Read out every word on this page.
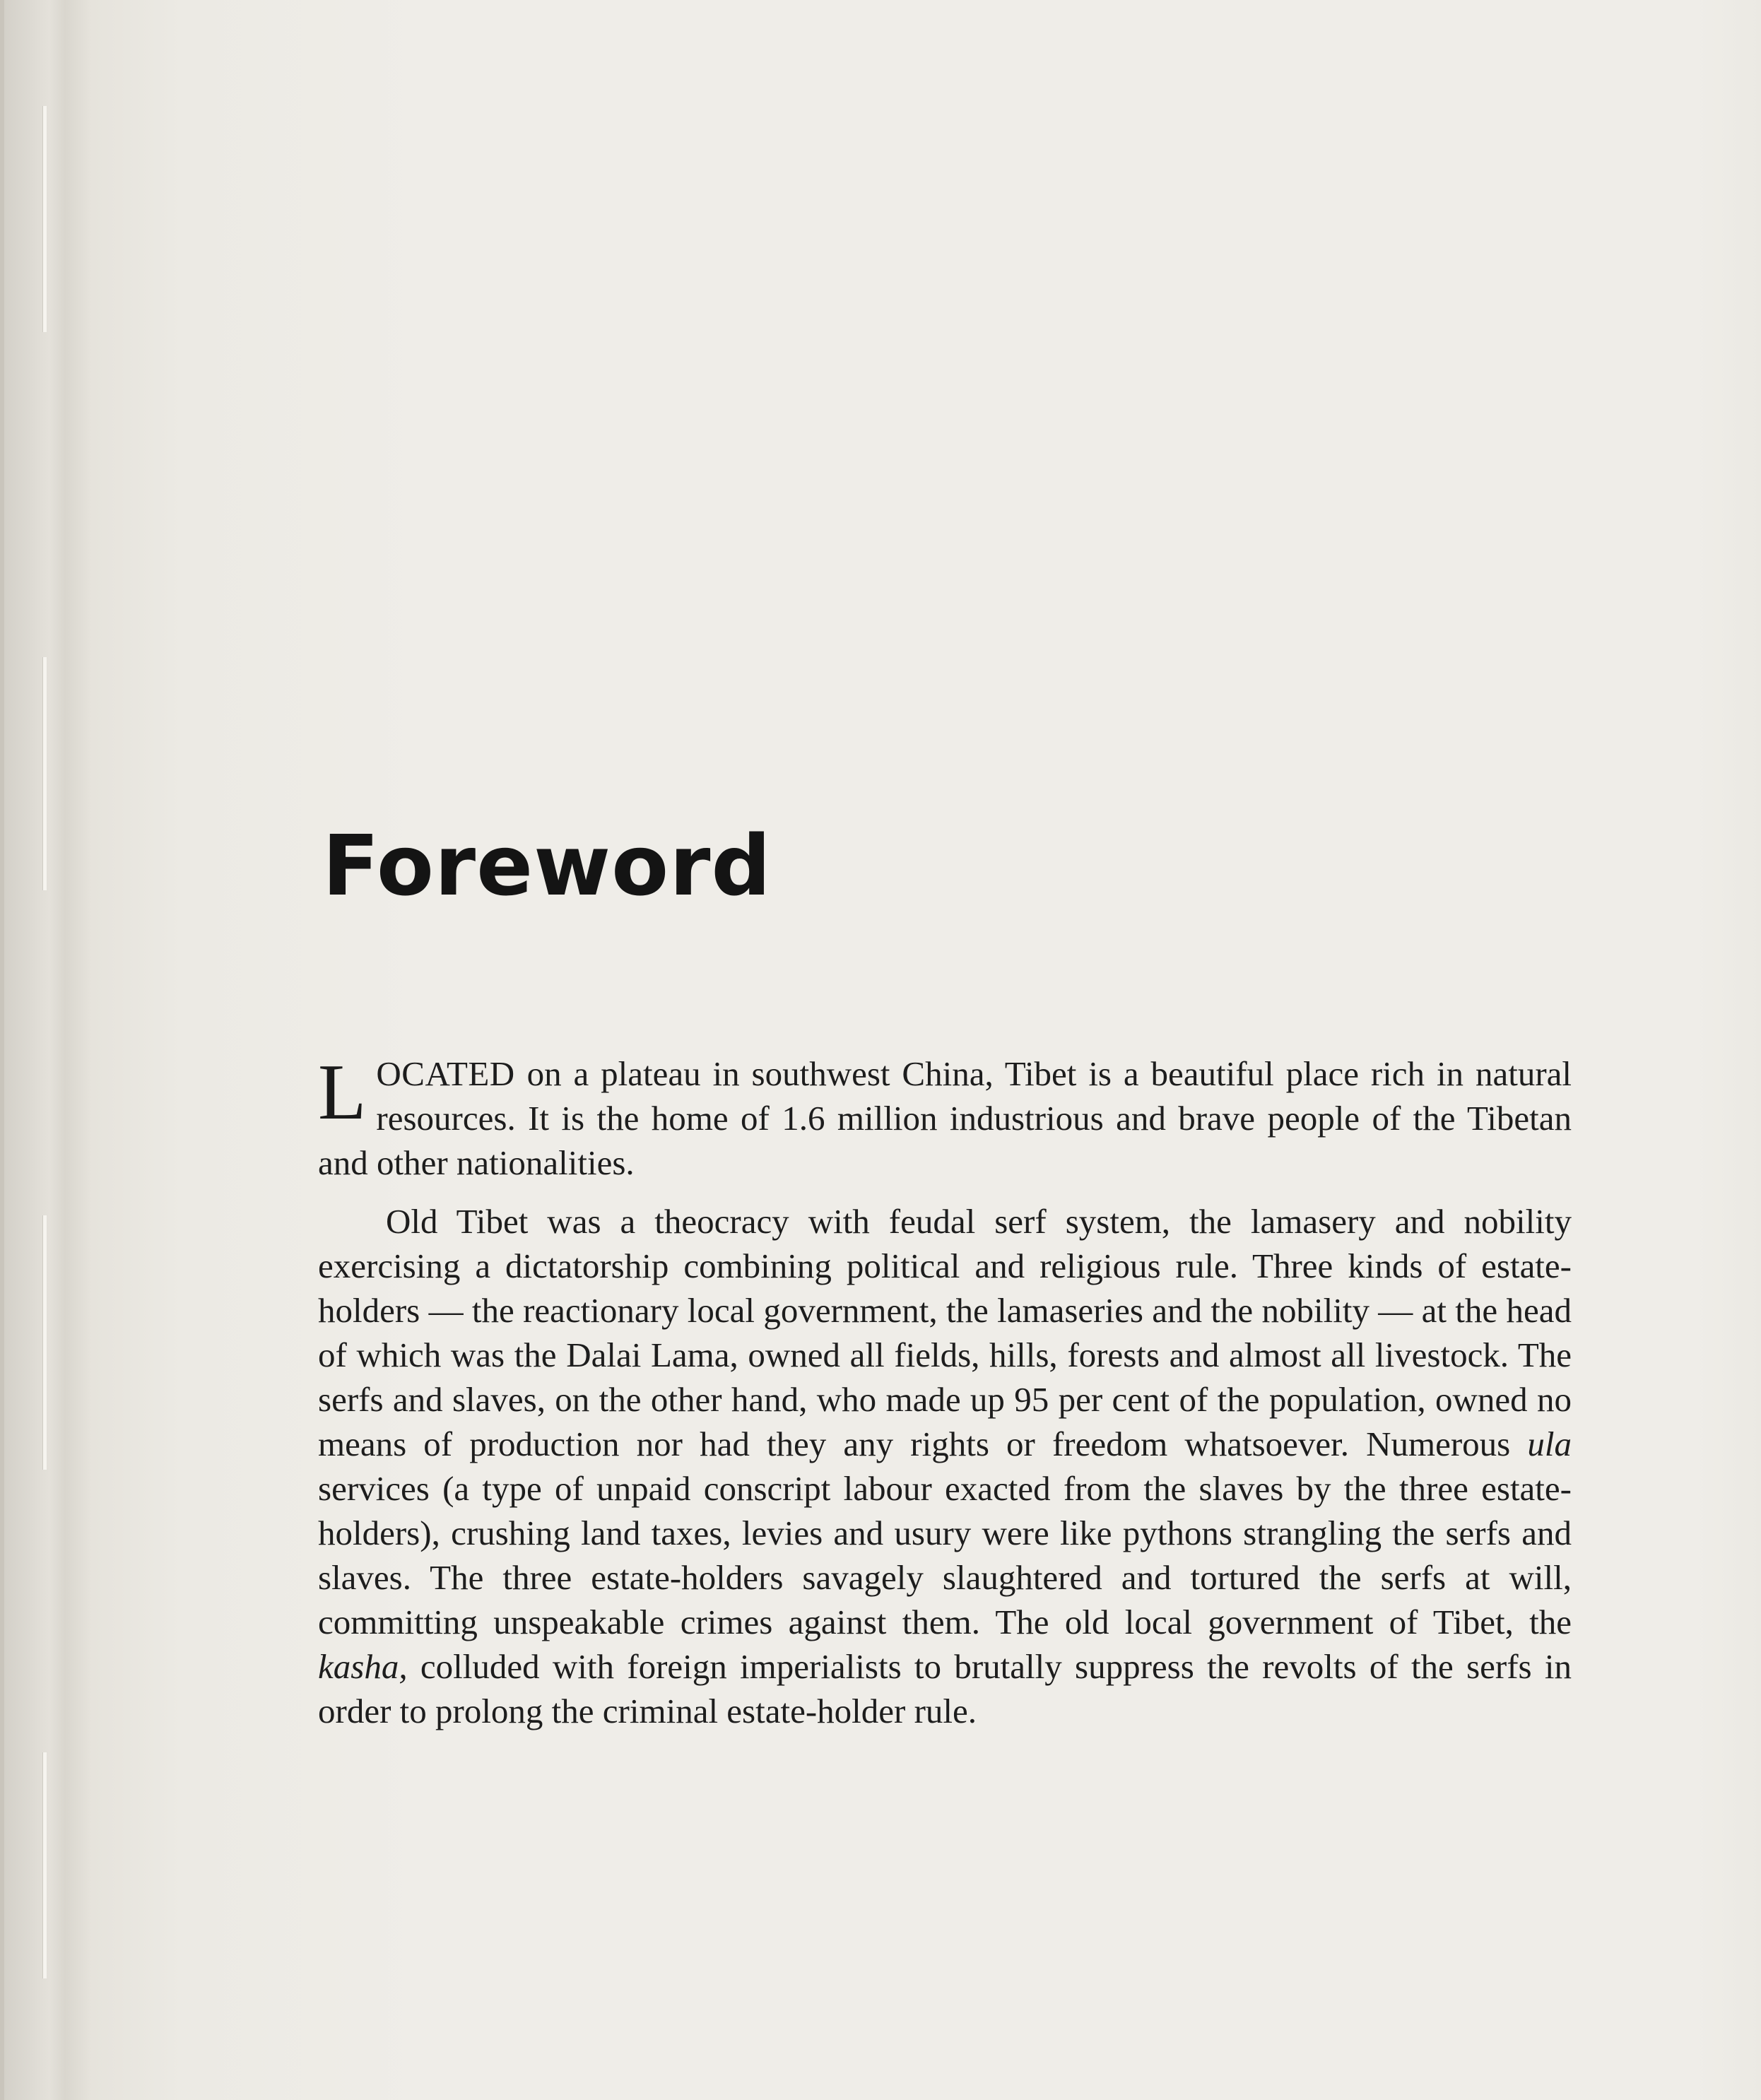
Foreword

LOCATED on a plateau in southwest China, Tibet is a beautiful place rich in natural resources. It is the home of 1.6 million industrious and brave people of the Tibetan and other nationalities.

Old Tibet was a theocracy with feudal serf system, the lamasery and nobility exercising a dictatorship combining political and religious rule. Three kinds of estate-holders — the reactionary local government, the lamaseries and the nobility — at the head of which was the Dalai Lama, owned all fields, hills, forests and almost all livestock. The serfs and slaves, on the other hand, who made up 95 per cent of the population, owned no means of production nor had they any rights or freedom whatsoever. Numerous ula services (a type of unpaid conscript labour exacted from the slaves by the three estate-holders), crushing land taxes, levies and usury were like pythons strangling the serfs and slaves. The three estate-holders savagely slaughtered and tortured the serfs at will, committing unspeakable crimes against them. The old local government of Tibet, the kasha, colluded with foreign imperialists to brutally suppress the revolts of the serfs in order to prolong the criminal estate-holder rule.
